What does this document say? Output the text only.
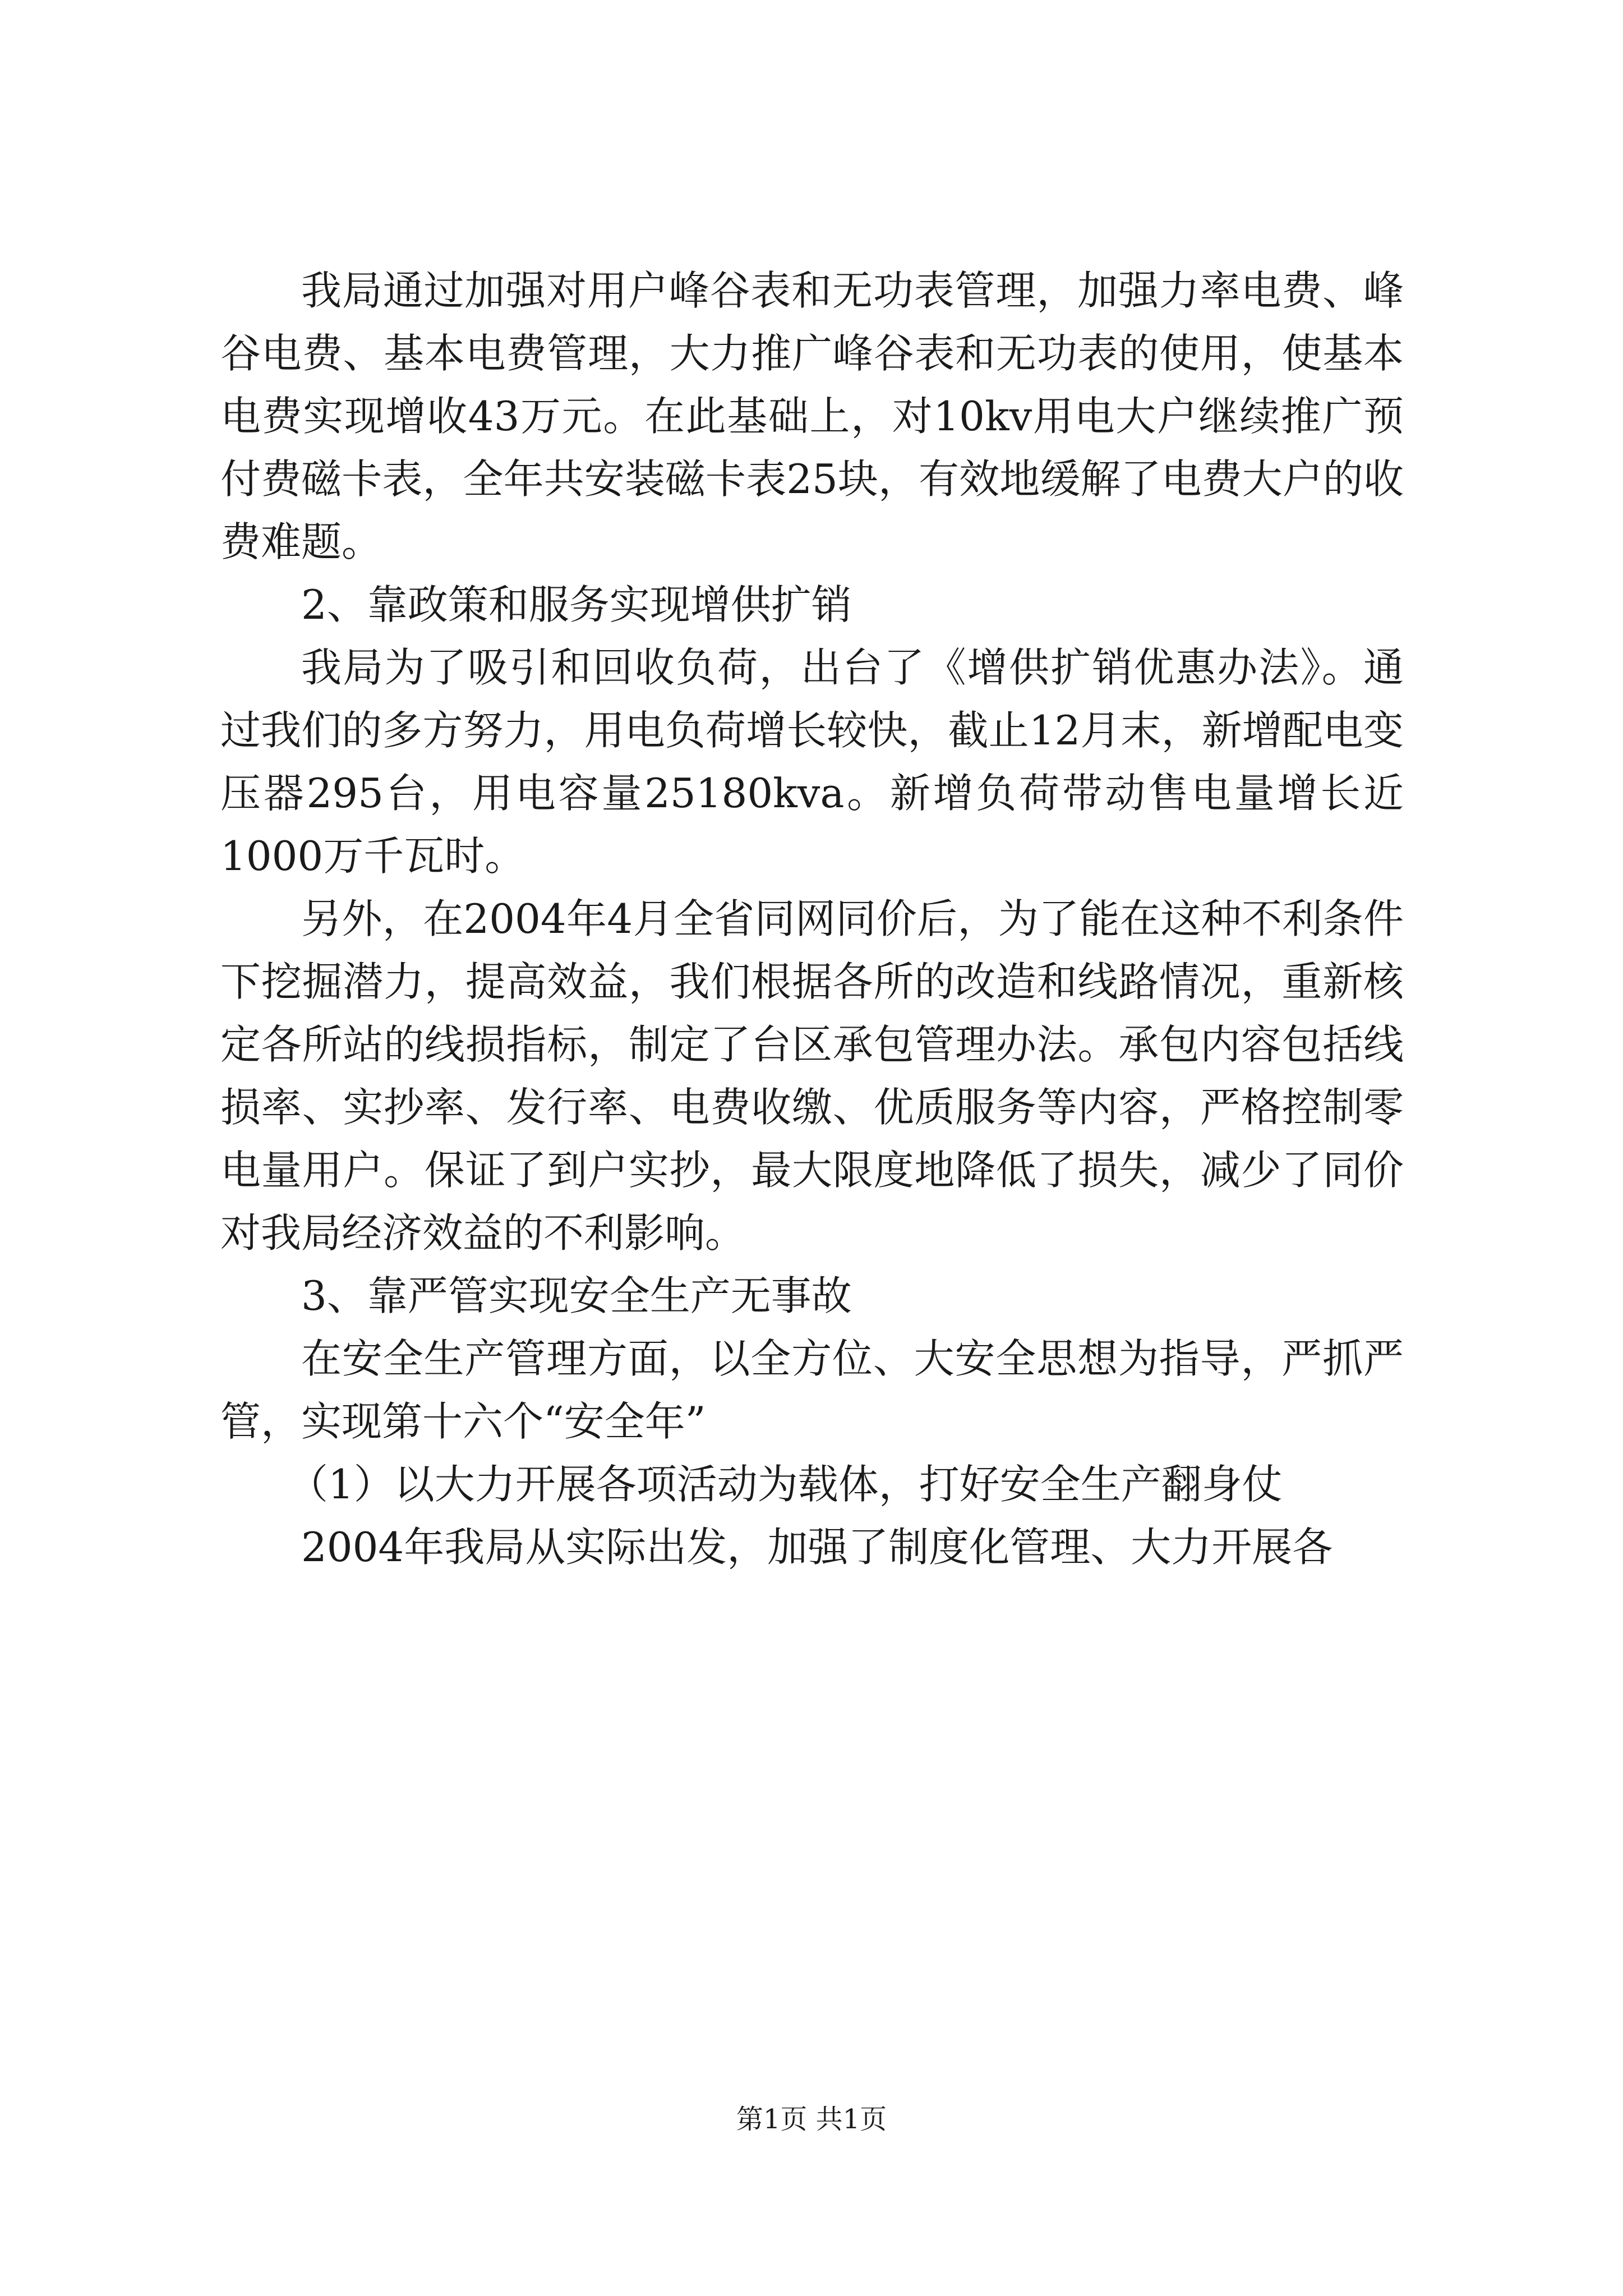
我局通过加强对用户峰谷表和无功表管理，加强力率电费、峰谷电费、基本电费管理，大力推广峰谷表和无功表的使用，使基本电费实现增收43万元。在此基础上，对10kv用电大户继续推广预付费磁卡表，全年共安装磁卡表25块，有效地缓解了电费大户的收费难题。

2、靠政策和服务实现增供扩销

我局为了吸引和回收负荷，出台了《增供扩销优惠办法》。通过我们的多方努力，用电负荷增长较快，截止12月末，新增配电变压器295台，用电容量25180kva。新增负荷带动售电量增长近1000万千瓦时。

另外，在2004年4月全省同网同价后，为了能在这种不利条件下挖掘潜力，提高效益，我们根据各所的改造和线路情况，重新核定各所站的线损指标，制定了台区承包管理办法。承包内容包括线损率、实抄率、发行率、电费收缴、优质服务等内容，严格控制零电量用户。保证了到户实抄，最大限度地降低了损失，减少了同价对我局经济效益的不利影响。

3、靠严管实现安全生产无事故

在安全生产管理方面，以全方位、大安全思想为指导，严抓严管，实现第十六个“安全年”

（1）以大力开展各项活动为载体，打好安全生产翻身仗

2004年我局从实际出发，加强了制度化管理、大力开展各

第1页 共1页
